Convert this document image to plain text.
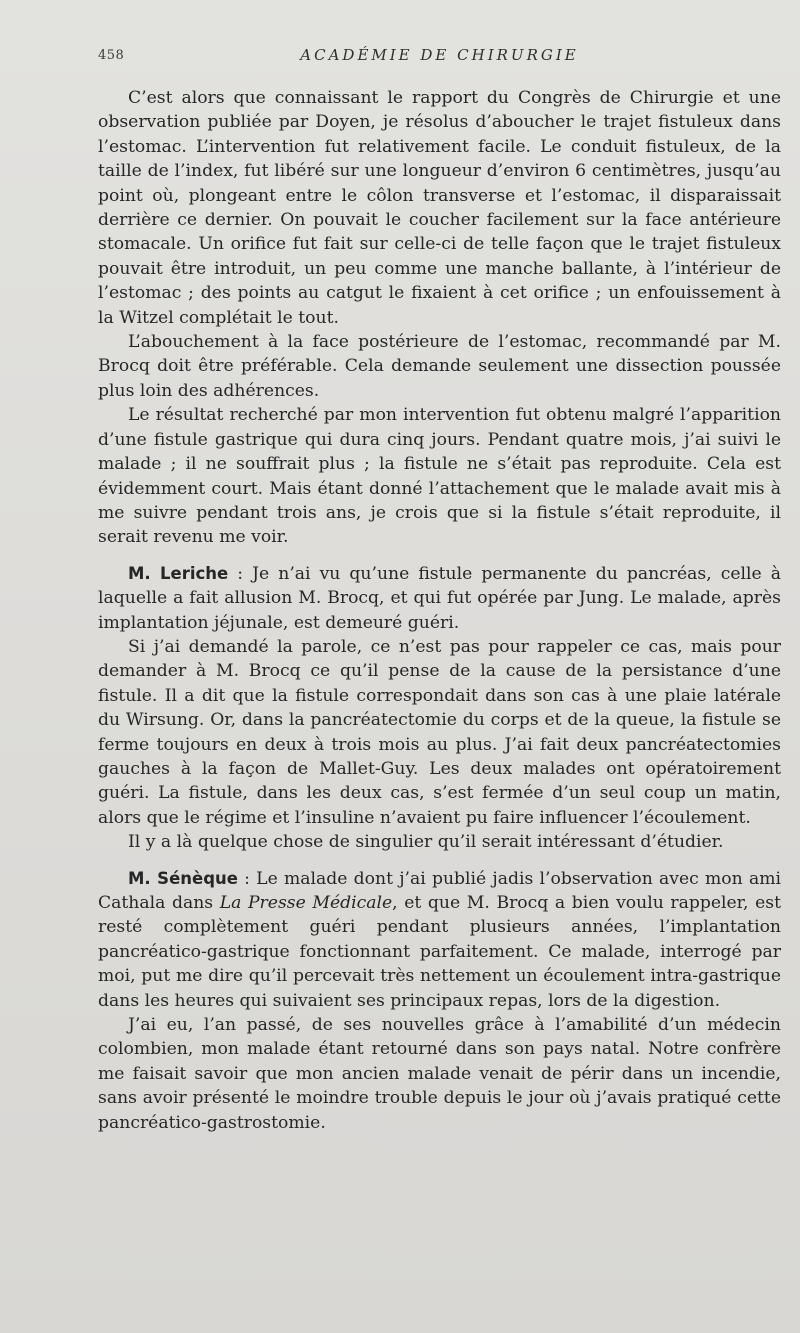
458	ACADÉMIE DE CHIRURGIE

C’est alors que connaissant le rapport du Congrès de Chirurgie et une observation publiée par Doyen, je résolus d’aboucher le trajet fistuleux dans l’estomac. L’intervention fut relativement facile. Le conduit fistuleux, de la taille de l’index, fut libéré sur une longueur d’environ 6 centimètres, jusqu’au point où, plongeant entre le côlon transverse et l’estomac, il disparaissait derrière ce dernier. On pouvait le coucher facilement sur la face antérieure stomacale. Un orifice fut fait sur celle-ci de telle façon que le trajet fistuleux pouvait être introduit, un peu comme une manche ballante, à l’intérieur de l’estomac ; des points au catgut le fixaient à cet orifice ; un enfouissement à la Witzel complétait le tout.

L’abouchement à la face postérieure de l’estomac, recommandé par M. Brocq doit être préférable. Cela demande seulement une dissection poussée plus loin des adhérences.

Le résultat recherché par mon intervention fut obtenu malgré l’apparition d’une fistule gastrique qui dura cinq jours. Pendant quatre mois, j’ai suivi le malade ; il ne souffrait plus ; la fistule ne s’était pas reproduite. Cela est évidemment court. Mais étant donné l’attachement que le malade avait mis à me suivre pendant trois ans, je crois que si la fistule s’était reproduite, il serait revenu me voir.

M. Leriche : Je n’ai vu qu’une fistule permanente du pancréas, celle à laquelle a fait allusion M. Brocq, et qui fut opérée par Jung. Le malade, après implantation jéjunale, est demeuré guéri.

Si j’ai demandé la parole, ce n’est pas pour rappeler ce cas, mais pour demander à M. Brocq ce qu’il pense de la cause de la persistance d’une fistule. Il a dit que la fistule correspondait dans son cas à une plaie latérale du Wirsung. Or, dans la pancréatectomie du corps et de la queue, la fistule se ferme toujours en deux à trois mois au plus. J’ai fait deux pancréatectomies gauches à la façon de Mallet-Guy. Les deux malades ont opératoirement guéri. La fistule, dans les deux cas, s’est fermée d’un seul coup un matin, alors que le régime et l’insuline n’avaient pu faire influencer l’écoulement.

Il y a là quelque chose de singulier qu’il serait intéressant d’étudier.

M. Sénèque : Le malade dont j’ai publié jadis l’observation avec mon ami Cathala dans La Presse Médicale, et que M. Brocq a bien voulu rappeler, est resté complètement guéri pendant plusieurs années, l’implantation pancréatico-gastrique fonctionnant parfaitement. Ce malade, interrogé par moi, put me dire qu’il percevait très nettement un écoulement intra-gastrique dans les heures qui suivaient ses principaux repas, lors de la digestion.

J’ai eu, l’an passé, de ses nouvelles grâce à l’amabilité d’un médecin colombien, mon malade étant retourné dans son pays natal. Notre confrère me faisait savoir que mon ancien malade venait de périr dans un incendie, sans avoir présenté le moindre trouble depuis le jour où j’avais pratiqué cette pancréatico-gastrostomie.
